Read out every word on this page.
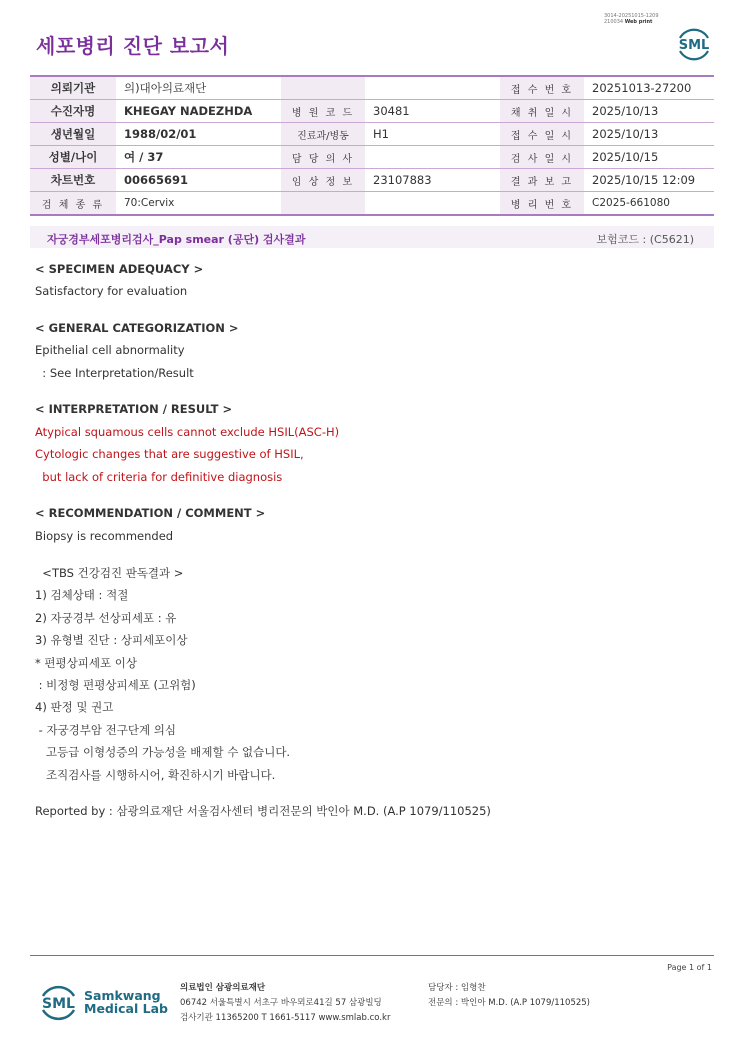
3014-20251015-1209
210034 Web print
세포병리 진단 보고서	SML
의뢰기관	의)대아의료재단			접 수 번 호	20251013-27200
수진자명	KHEGAY NADEZHDA	병 원 코 드	30481	채 취 일 시	2025/10/13
생년월일	1988/02/01	진료과/병동	H1	접 수 일 시	2025/10/13
성별/나이	여 / 37	담 당 의 사		검 사 일 시	2025/10/15
차트번호	00665691	임 상 정 보	23107883	결 과 보 고	2025/10/15 12:09
검 체 종 류	70:Cervix			병 리 번 호	C2025-661080
자궁경부세포병리검사_Pap smear (공단) 검사결과	보험코드 : (C5621)
< SPECIMEN ADEQUACY >
Satisfactory for evaluation
< GENERAL CATEGORIZATION >
Epithelial cell abnormality
: See Interpretation/Result
< INTERPRETATION / RESULT >
Atypical squamous cells cannot exclude HSIL(ASC-H)
Cytologic changes that are suggestive of HSIL,
but lack of criteria for definitive diagnosis
< RECOMMENDATION / COMMENT >
Biopsy is recommended
<TBS 건강검진 판독결과 >
1) 검체상태 : 적절
2) 자궁경부 선상피세포 : 유
3) 유형별 진단 : 상피세포이상
* 편평상피세포 이상
: 비정형 편평상피세포 (고위험)
4) 판정 및 권고
- 자궁경부암 전구단계 의심
고등급 이형성증의 가능성을 배제할 수 없습니다.
조직검사를 시행하시어, 확진하시기 바랍니다.
Reported by : 삼광의료재단 서울검사센터 병리전문의 박인아 M.D. (A.P 1079/110525)
Page 1 of 1
SML
Samkwang
Medical Lab
의료법인 삼광의료재단
06742 서울특별시 서초구 바우뫼로41길 57 삼광빌딩
검사기관 11365200 T 1661-5117 www.smlab.co.kr
담당자 : 임형찬
전문의 : 박인아 M.D. (A.P 1079/110525)
